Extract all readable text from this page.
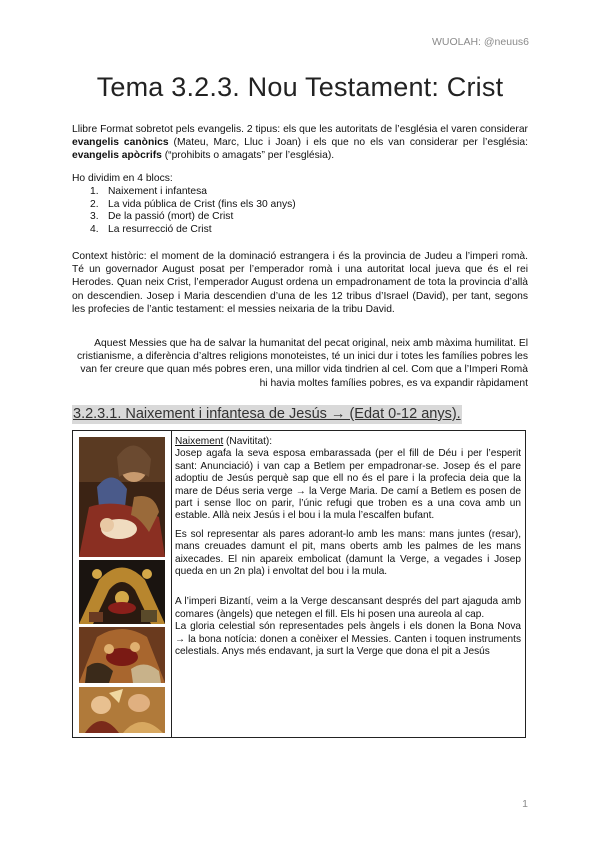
WUOLAH: @neuus6
Tema 3.2.3. Nou Testament: Crist

Llibre Format sobretot pels evangelis. 2 tipus: els que les autoritats de l’església el varen considerar evangelis canònics (Mateu, Marc, Lluc i Joan) i els que no els van considerar per l’església: evangelis apòcrifs (“prohibits o amagats” per l’església).

Ho dividim en 4 blocs:

1. Naixement i infantesa
2. La vida pública de Crist (fins els 30 anys)
3. De la passió (mort) de Crist
4. La resurrecció de Crist

Context històric: el moment de la dominació estrangera i és la provincia de Judeu a l’imperi romà. Té un governador August posat per l’emperador romà i una autoritat local jueva que és el rei Herodes. Quan neix Crist, l’emperador August ordena un empadronament de tota la provincia d’allà on descendien. Josep i Maria descendien d’una de les 12 tribus d’Israel (David), per tant, segons les profecies de l’antic testament: el messies neixaria de la tribu David.

Aquest Messies que ha de salvar la humanitat del pecat original, neix amb màxima humilitat. El cristianisme, a diferència d’altres religions monoteistes, té un inici dur i totes les famílies pobres les van fer creure que quan més pobres eren, una millor vida tindrien al cel. Com que a l’Imperi Romà hi havia moltes famílies pobres, es va expandir ràpidament

3.2.3.1. Naixement i infantesa de Jesús → (Edat 0-12 anys).

Naixement (Navititat):
Josep agafa la seva esposa embarassada (per el fill de Déu i per l’esperit sant: Anunciació) i van cap a Betlem per empadronar-se. Josep és el pare adoptiu de Jesús perquè sap que ell no és el pare i la profecia deia que la mare de Déus seria verge → la Verge Maria. De camí a Betlem es posen de part i sense lloc on parir, l’únic refugi que troben es a una cova amb un estable. Allà neix Jesús i el bou i la mula l’escalfen bufant.

Es sol representar als pares adorant-lo amb les mans: mans juntes (resar), mans creuades damunt el pit, mans oberts amb les palmes de les mans aixecades. El nin apareix embolicat (damunt la Verge, a vegades i Josep queda en un 2n pla) i envoltat del bou i la mula.

A l’imperi Bizantí, veim a la Verge descansant després del part ajaguda amb comares (àngels) que netegen el fill. Els hi posen una aureola al cap.

La gloria celestial són representades pels àngels i els donen la Bona Nova → la bona notícia: donen a conèixer el Messies. Canten i toquen instruments celestials. Anys més endavant, ja surt la Verge que dona el pit a Jesús

1
